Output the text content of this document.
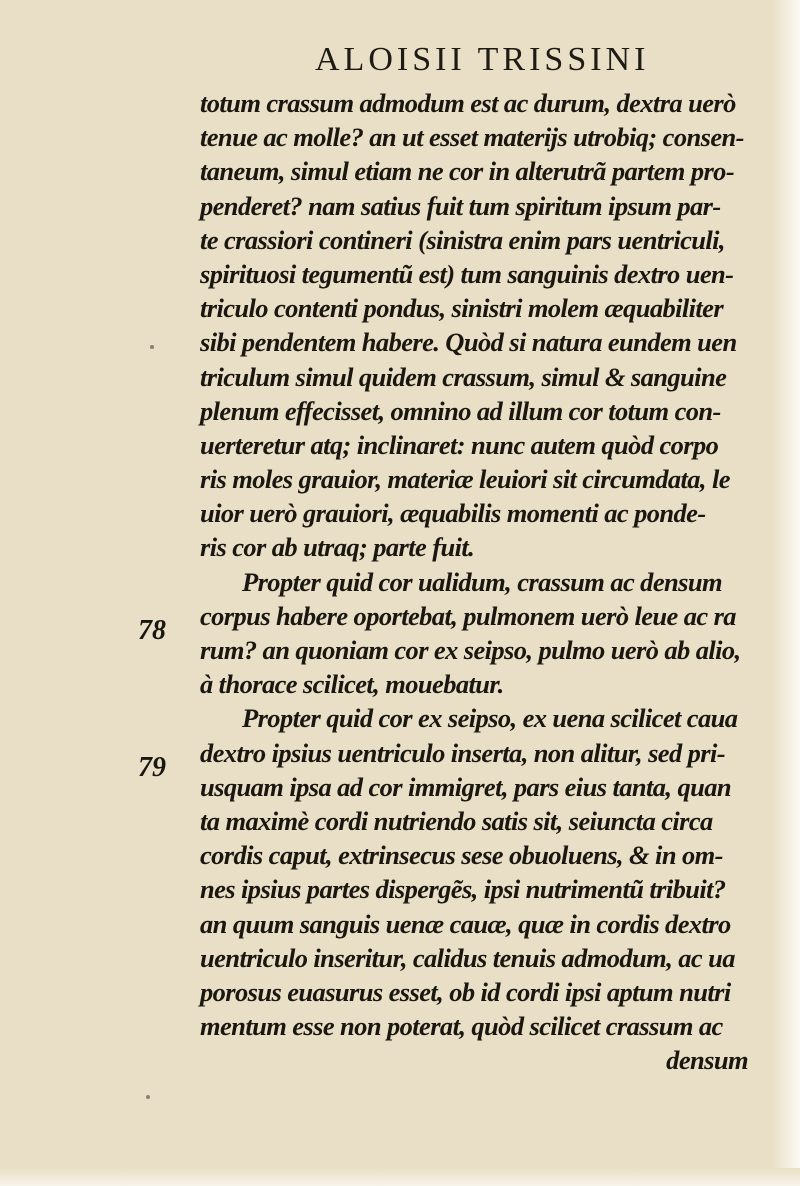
ALOISII TRISSINI
78
79
totum crassum admodum est ac durum, dextra uerò
tenue ac molle? an ut esset materijs utrobiq; consen-
taneum, simul etiam ne cor in alterutrã partem pro-
penderet? nam satius fuit tum spiritum ipsum par-
te crassiori contineri (sinistra enim pars uentriculi,
spirituosi tegumentũ est) tum sanguinis dextro uen-
triculo contenti pondus, sinistri molem æquabiliter
sibi pendentem habere. Quòd si natura eundem uen
triculum simul quidem crassum, simul & sanguine
plenum effecisset, omnino ad illum cor totum con-
uerteretur atq; inclinaret: nunc autem quòd corpo
ris moles grauior, materiæ leuiori sit circumdata, le
uior uerò grauiori, æquabilis momenti ac ponde-
ris cor ab utraq; parte fuit.
Propter quid cor ualidum, crassum ac densum
corpus habere oportebat, pulmonem uerò leue ac ra
rum? an quoniam cor ex seipso, pulmo uerò ab alio,
à thorace scilicet, mouebatur.
Propter quid cor ex seipso, ex uena scilicet caua
dextro ipsius uentriculo inserta, non alitur, sed pri-
usquam ipsa ad cor immigret, pars eius tanta, quan
ta maximè cordi nutriendo satis sit, seiuncta circa
cordis caput, extrinsecus sese obuoluens, & in om-
nes ipsius partes dispergẽs, ipsi nutrimentũ tribuit?
an quum sanguis uenæ cauæ, quæ in cordis dextro
uentriculo inseritur, calidus tenuis admodum, ac ua
porosus euasurus esset, ob id cordi ipsi aptum nutri
mentum esse non poterat, quòd scilicet crassum ac
densum
